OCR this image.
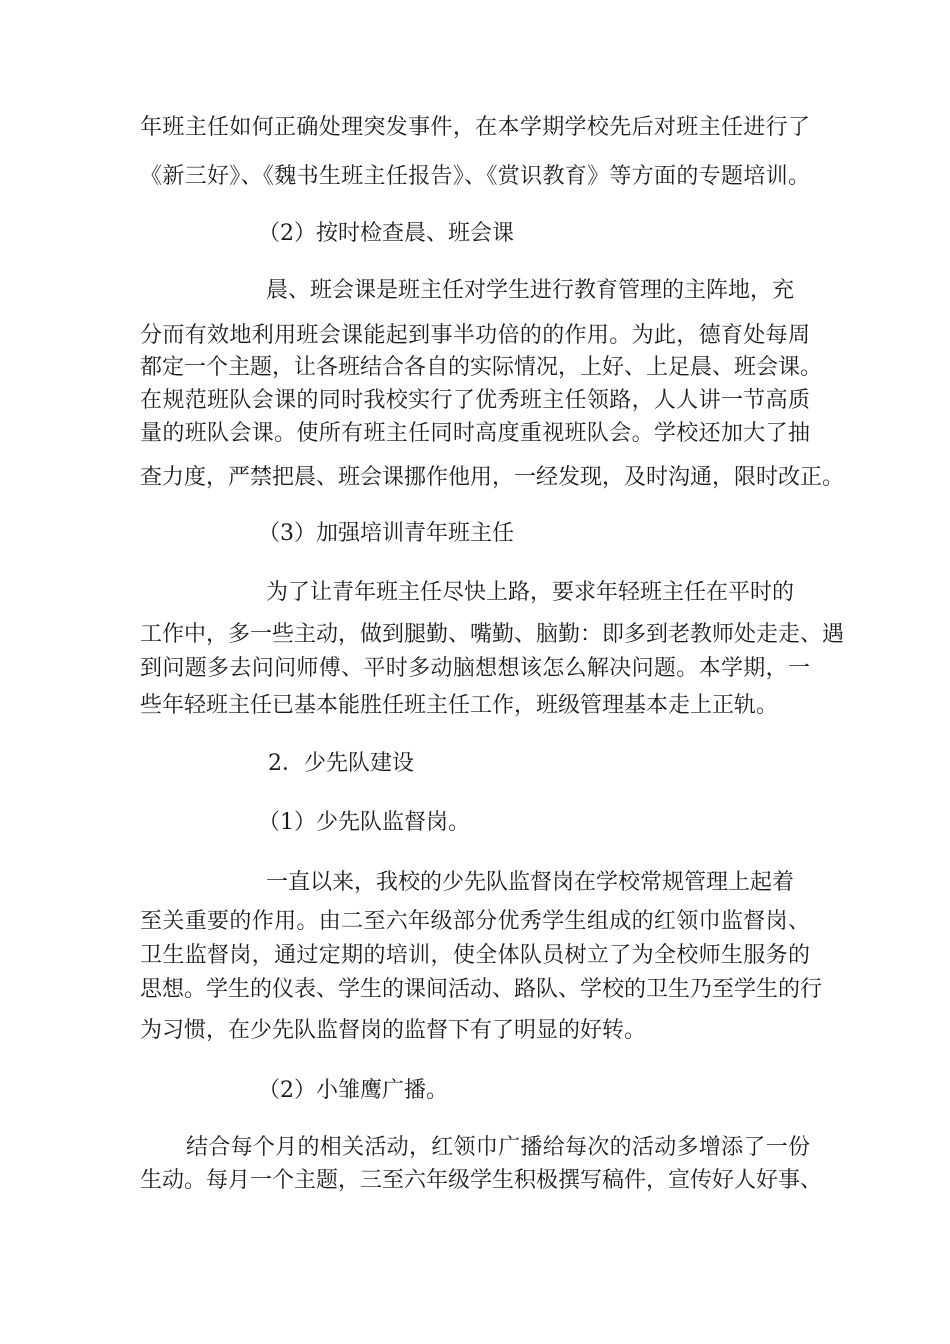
年班主任如何正确处理突发事件，在本学期学校先后对班主任进行了
《新三好》、《魏书生班主任报告》、《赏识教育》等方面的专题培训。
（2）按时检查晨、班会课
晨、班会课是班主任对学生进行教育管理的主阵地，充
分而有效地利用班会课能起到事半功倍的的作用。为此，德育处每周
都定一个主题，让各班结合各自的实际情况，上好、上足晨、班会课。
在规范班队会课的同时我校实行了优秀班主任领路，人人讲一节高质
量的班队会课。使所有班主任同时高度重视班队会。学校还加大了抽
查力度，严禁把晨、班会课挪作他用，一经发现，及时沟通，限时改正。
（3）加强培训青年班主任
为了让青年班主任尽快上路，要求年轻班主任在平时的
工作中，多一些主动，做到腿勤、嘴勤、脑勤：即多到老教师处走走、遇
到问题多去问问师傅、平时多动脑想想该怎么解决问题。本学期，一
些年轻班主任已基本能胜任班主任工作，班级管理基本走上正轨。
2．少先队建设
（1）少先队监督岗。
一直以来，我校的少先队监督岗在学校常规管理上起着
至关重要的作用。由二至六年级部分优秀学生组成的红领巾监督岗、
卫生监督岗，通过定期的培训，使全体队员树立了为全校师生服务的
思想。学生的仪表、学生的课间活动、路队、学校的卫生乃至学生的行
为习惯，在少先队监督岗的监督下有了明显的好转。
（2）小雏鹰广播。
结合每个月的相关活动，红领巾广播给每次的活动多增添了一份
生动。每月一个主题，三至六年级学生积极撰写稿件，宣传好人好事、
